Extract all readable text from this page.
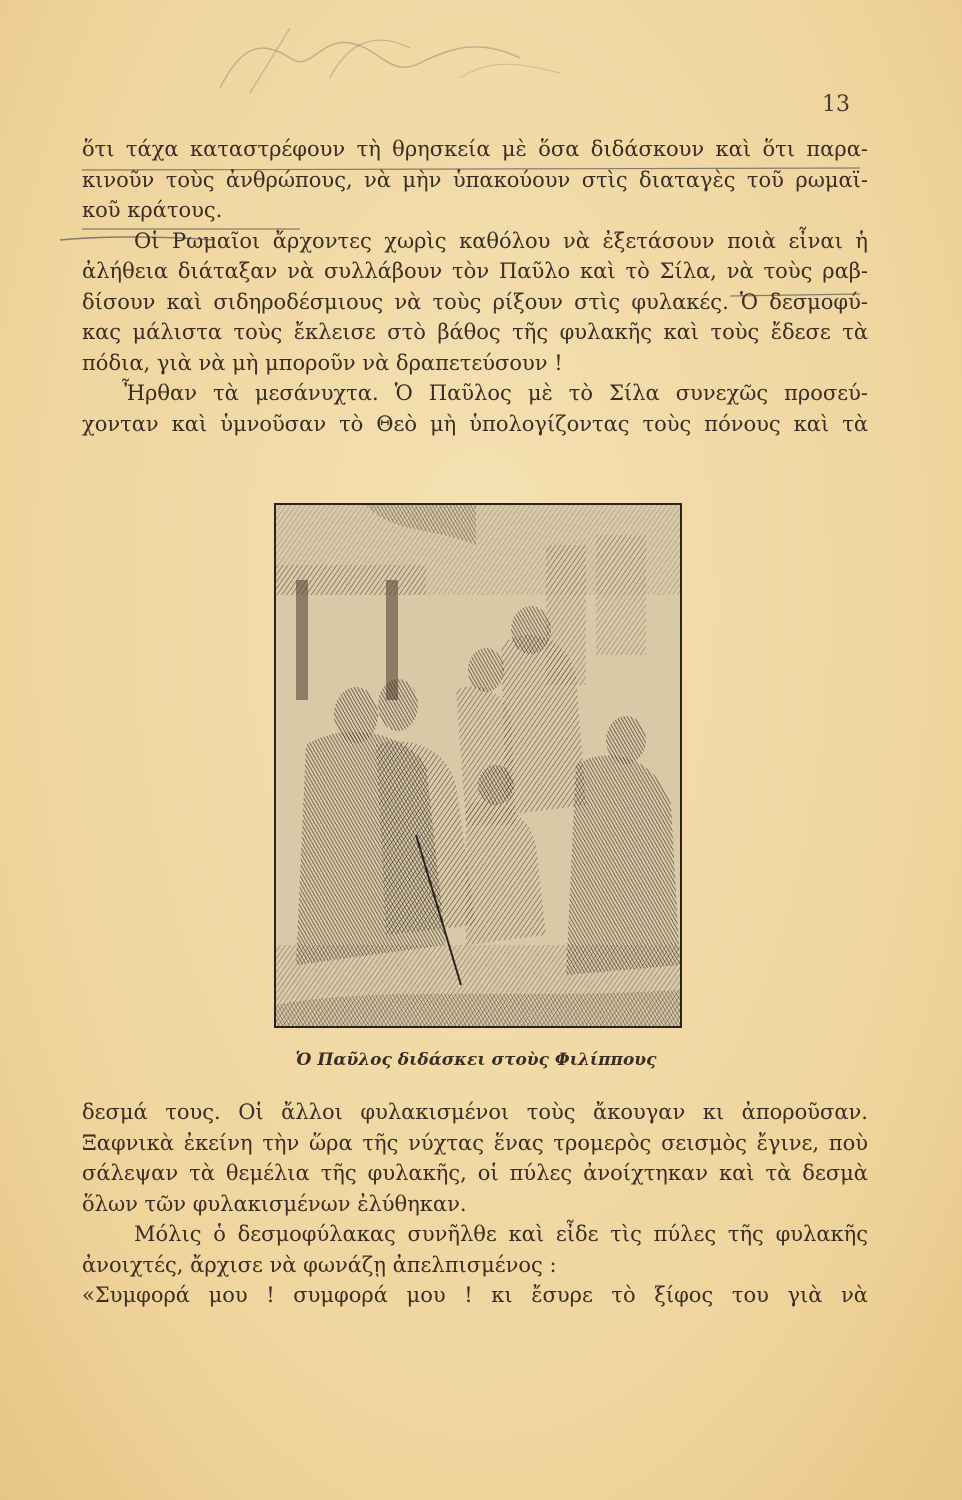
13
ὅτι τάχα καταστρέφουν τὴ θρησκεία μὲ ὅσα διδάσκουν καὶ ὅτι παρα-
κινοῦν τοὺς ἀνθρώπους, νὰ μὴν ὑπακούουν στὶς διαταγὲς τοῦ ρωμαϊ-
κοῦ κράτους.
Οἱ Ρωμαῖοι ἄρχοντες χωρὶς καθόλου νὰ ἐξετάσουν ποιὰ εἶναι ἡ
ἀλήθεια διάταξαν νὰ συλλάβουν τὸν Παῦλο καὶ τὸ Σίλα, νὰ τοὺς ραβ-
δίσουν καὶ σιδηροδέσμιους νὰ τοὺς ρίξουν στὶς φυλακές. Ὁ δεσμοφύ-
κας μάλιστα τοὺς ἔκλεισε στὸ βάθος τῆς φυλακῆς καὶ τοὺς ἔδεσε τὰ
πόδια, γιὰ νὰ μὴ μποροῦν νὰ δραπετεύσουν !
Ἦρθαν τὰ μεσάνυχτα. Ὁ Παῦλος μὲ τὸ Σίλα συνεχῶς προσεύ-
χονταν καὶ ὑμνοῦσαν τὸ Θεὸ μὴ ὑπολογίζοντας τοὺς πόνους καὶ τὰ
Ὁ Παῦλος διδάσκει στοὺς Φιλίππους
δεσμά τους. Οἱ ἄλλοι φυλακισμένοι τοὺς ἄκουγαν κι ἀποροῦσαν.
Ξαφνικὰ ἐκείνη τὴν ὥρα τῆς νύχτας ἕνας τρομερὸς σεισμὸς ἔγινε, ποὺ
σάλεψαν τὰ θεμέλια τῆς φυλακῆς, οἱ πύλες ἀνοίχτηκαν καὶ τὰ δεσμὰ
ὅλων τῶν φυλακισμένων ἐλύθηκαν.
Μόλις ὁ δεσμοφύλακας συνῆλθε καὶ εἶδε τὶς πύλες τῆς φυλακῆς
ἀνοιχτές, ἄρχισε νὰ φωνάζῃ ἀπελπισμένος :
«Συμφορά μου ! συμφορά μου ! κι ἔσυρε τὸ ξίφος του γιὰ νὰ
